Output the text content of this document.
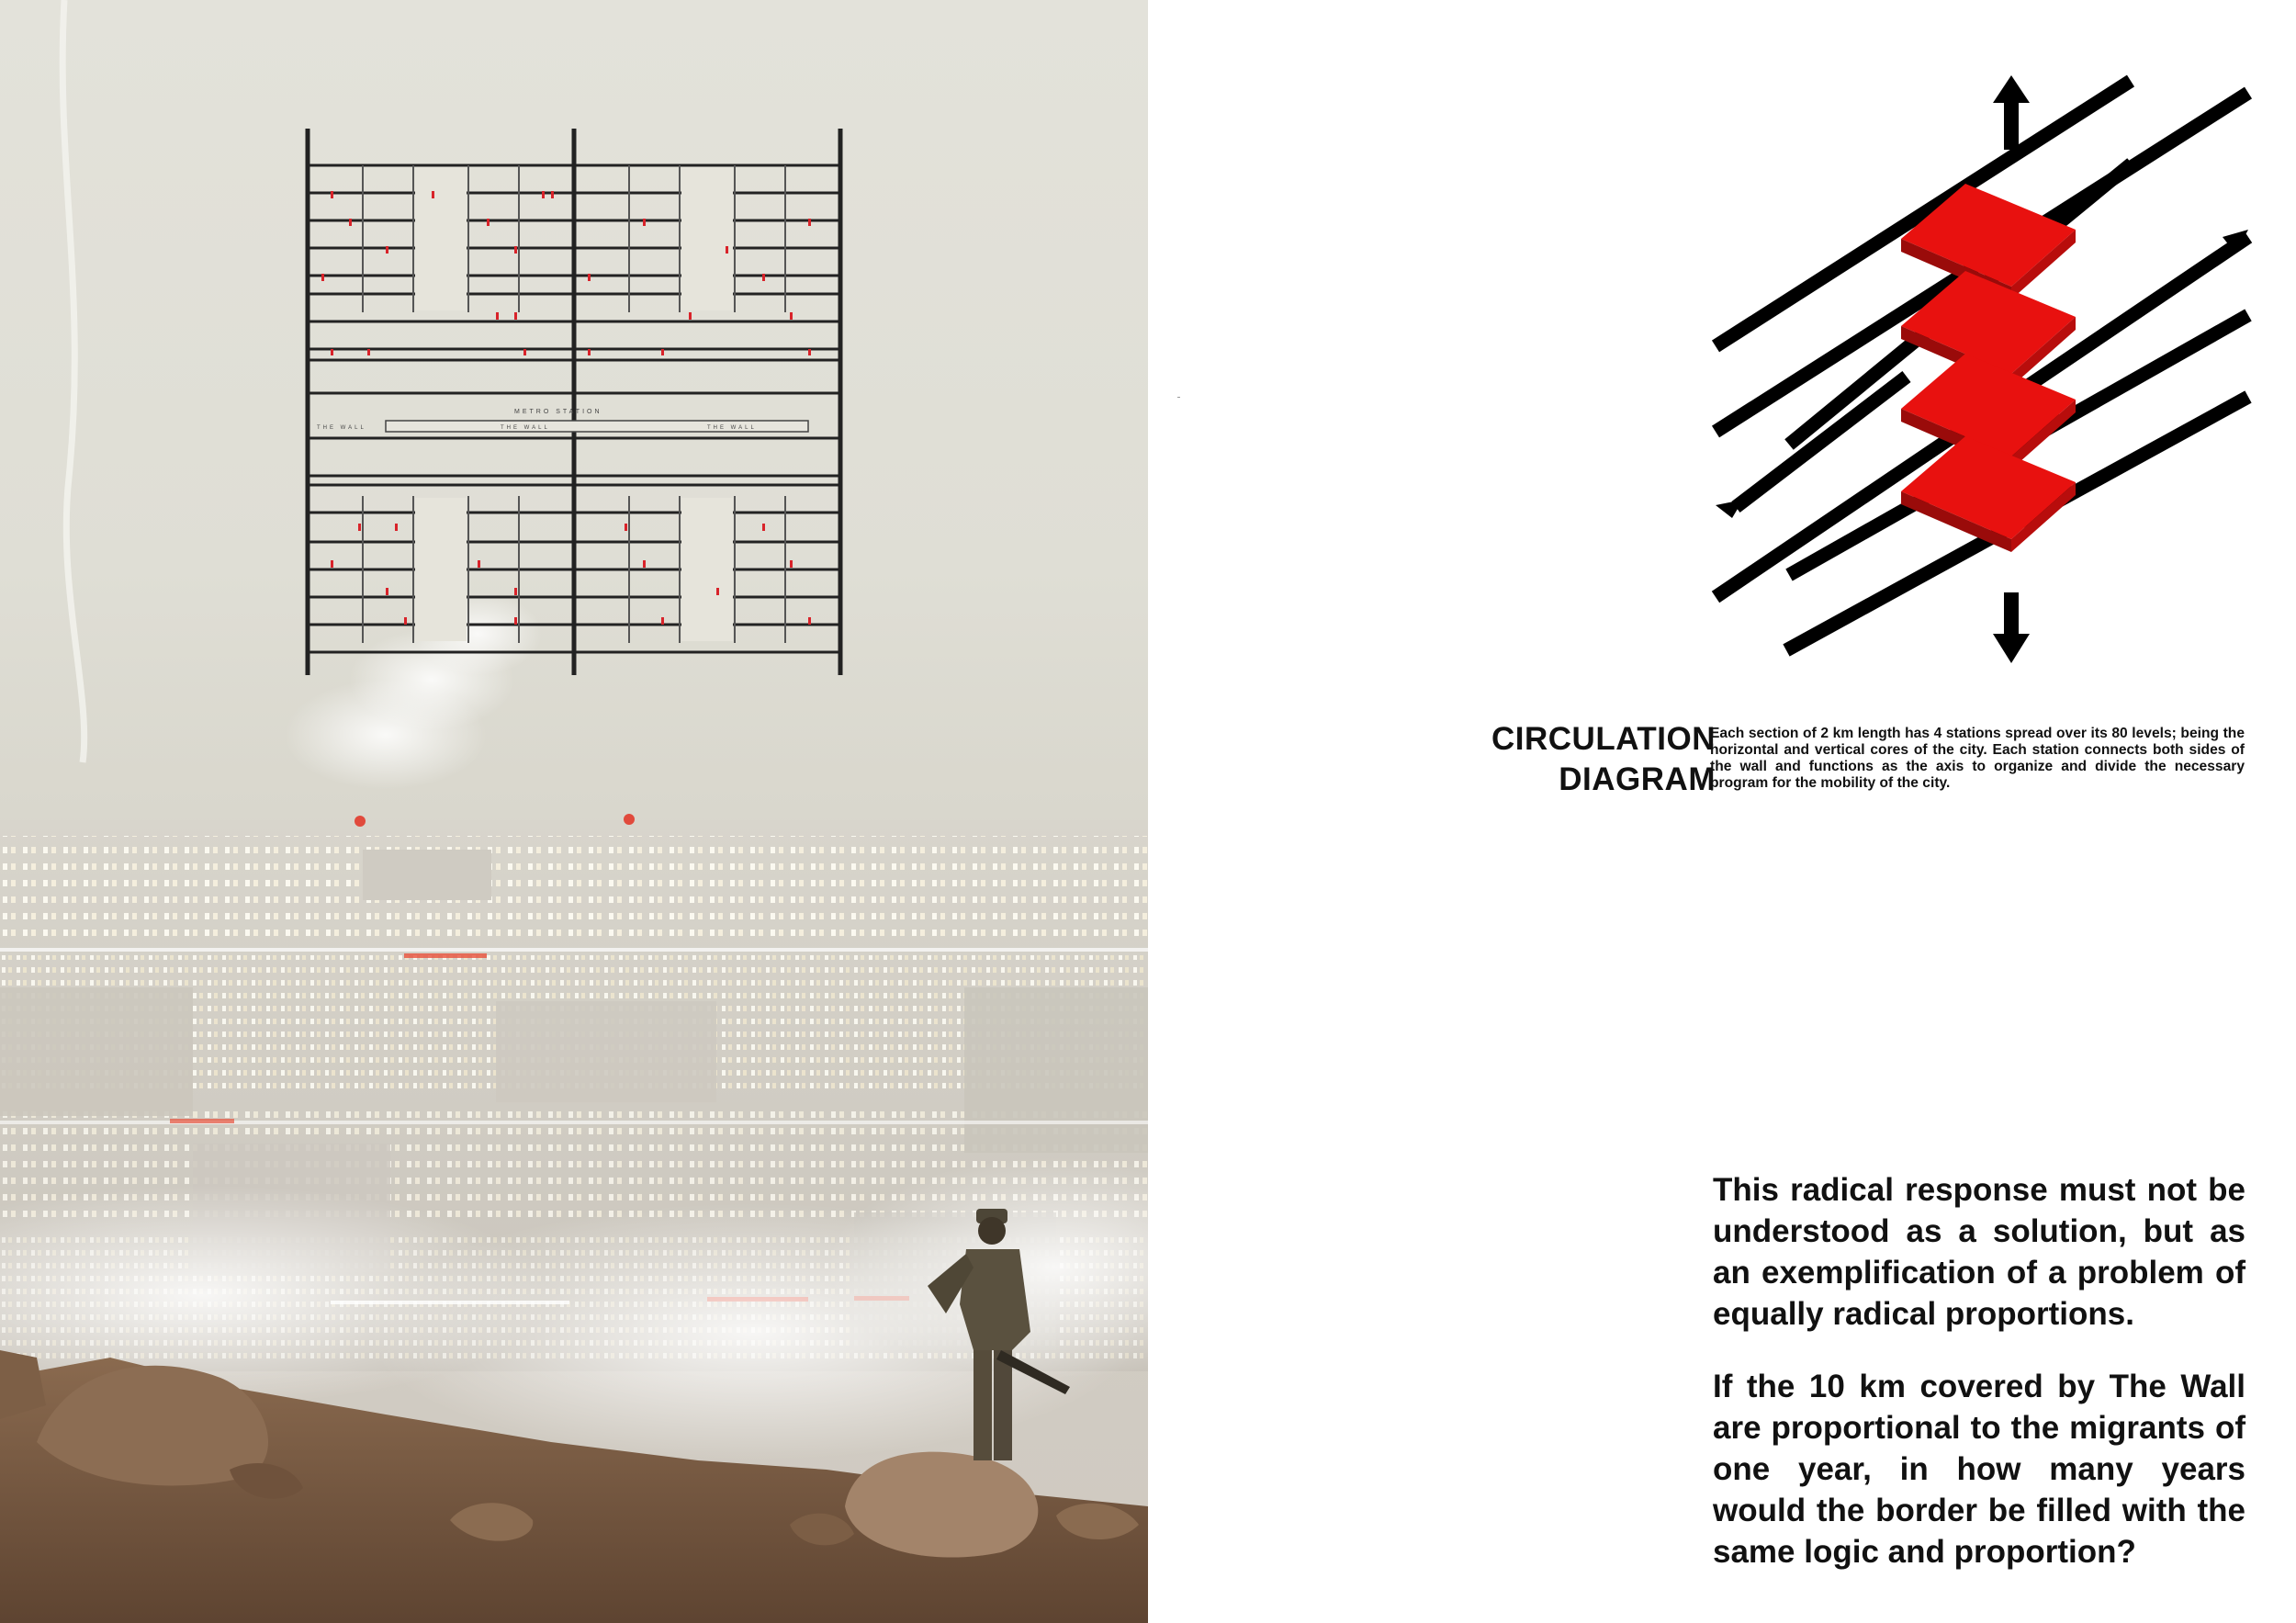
METRO STATION
THE WALL	THE WALL	THE WALL
CIRCULATION
DIAGRAM
Each section of 2 km length has 4 stations spread over its 80 levels; being the horizontal and vertical cores of the city. Each station connects both sides of the wall and functions as the axis to organize and divide the necessary program for the mobility of the city.

This radical response must not be understood as a solution, but as an exemplification of a problem of equally radical proportions.

If the 10 km covered by The Wall are proportional to the migrants of one year, in how many years would the border be filled with the same logic and proportion?
